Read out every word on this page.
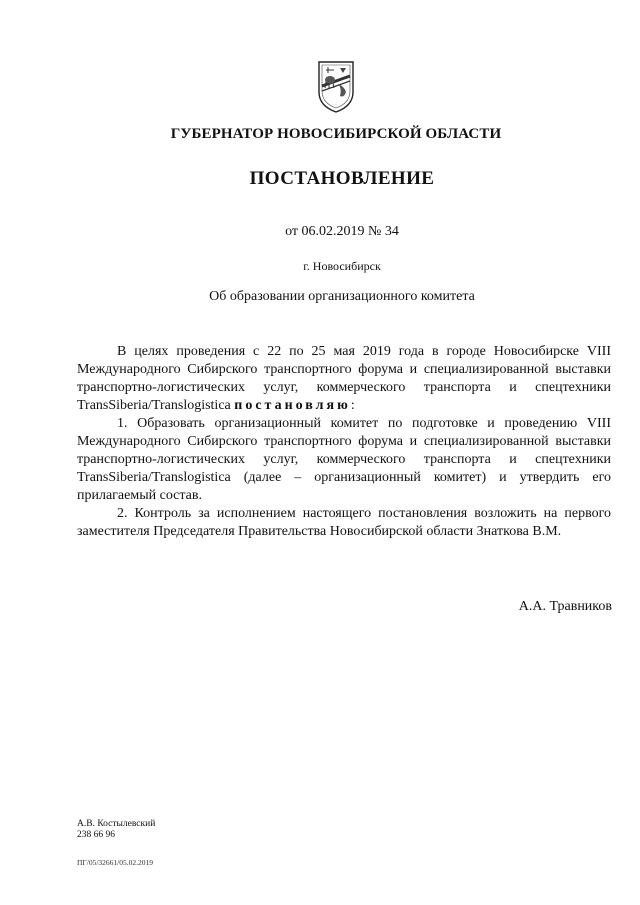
ГУБЕРНАТОР НОВОСИБИРСКОЙ ОБЛАСТИ
ПОСТАНОВЛЕНИЕ
от 06.02.2019 № 34
г. Новосибирск
Об образовании организационного комитета

В целях проведения с 22 по 25 мая 2019 года в городе Новосибирске VIII Международного Сибирского транспортного форума и специализированной выставки транспортно-логистических услуг, коммерческого транспорта и спецтехники TransSiberia/Translogistica постановляю:

1. Образовать организационный комитет по подготовке и проведению VIII Международного Сибирского транспортного форума и специализированной выставки транспортно-логистических услуг, коммерческого транспорта и спецтехники TransSiberia/Translogistica (далее – организационный комитет) и утвердить его прилагаемый состав.

2. Контроль за исполнением настоящего постановления возложить на первого заместителя Председателя Правительства Новосибирской области Знаткова В.М.

А.А. Травников
А.В. Костылевский
238 66 96
ПГ/05/32661/05.02.2019
